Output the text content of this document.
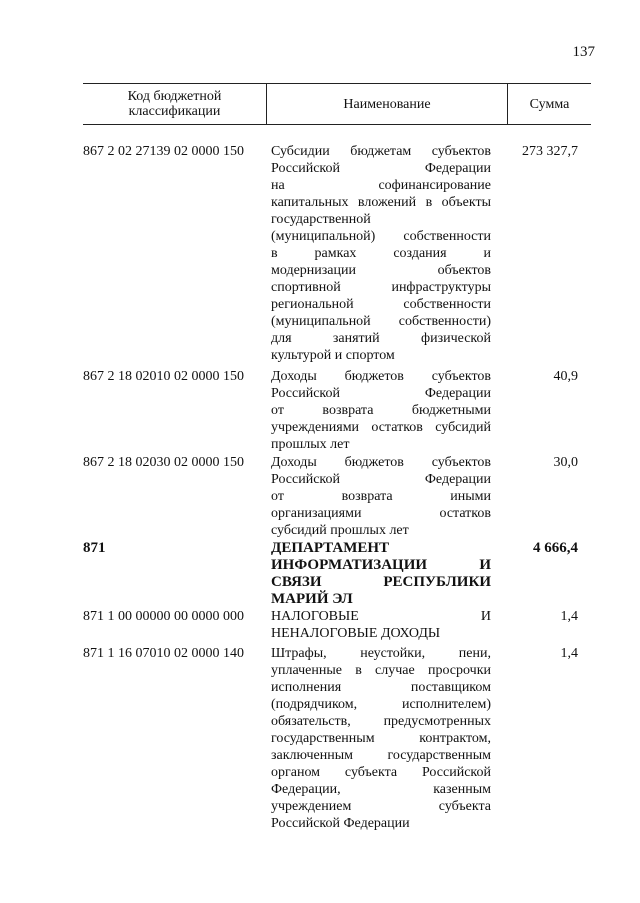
137
Код бюджетной
классификации	Наименование	Сумма
867 2 02 27139 02 0000 150	Субсидии бюджетам субъектов
Российской Федерации
на софинансирование
капитальных вложений в объекты
государственной
(муниципальной) собственности
в рамках создания и
модернизации объектов
спортивной инфраструктуры
региональной собственности
(муниципальной собственности)
для занятий физической
культурой и спортом
273 327,7
867 2 18 02010 02 0000 150	Доходы бюджетов субъектов
Российской Федерации
от возврата бюджетными
учреждениями остатков субсидий
прошлых лет
40,9
867 2 18 02030 02 0000 150	Доходы бюджетов субъектов
Российской Федерации
от возврата иными
организациями остатков
субсидий прошлых лет
30,0
871	ДЕПАРТАМЕНТ
ИНФОРМАТИЗАЦИИ И
СВЯЗИ РЕСПУБЛИКИ
МАРИЙ ЭЛ
4 666,4
871 1 00 00000 00 0000 000	НАЛОГОВЫЕ И
НЕНАЛОГОВЫЕ ДОХОДЫ
1,4
871 1 16 07010 02 0000 140	Штрафы, неустойки, пени,
уплаченные в случае просрочки
исполнения поставщиком
(подрядчиком, исполнителем)
обязательств, предусмотренных
государственным контрактом,
заключенным государственным
органом субъекта Российской
Федерации, казенным
учреждением субъекта
Российской Федерации
1,4
